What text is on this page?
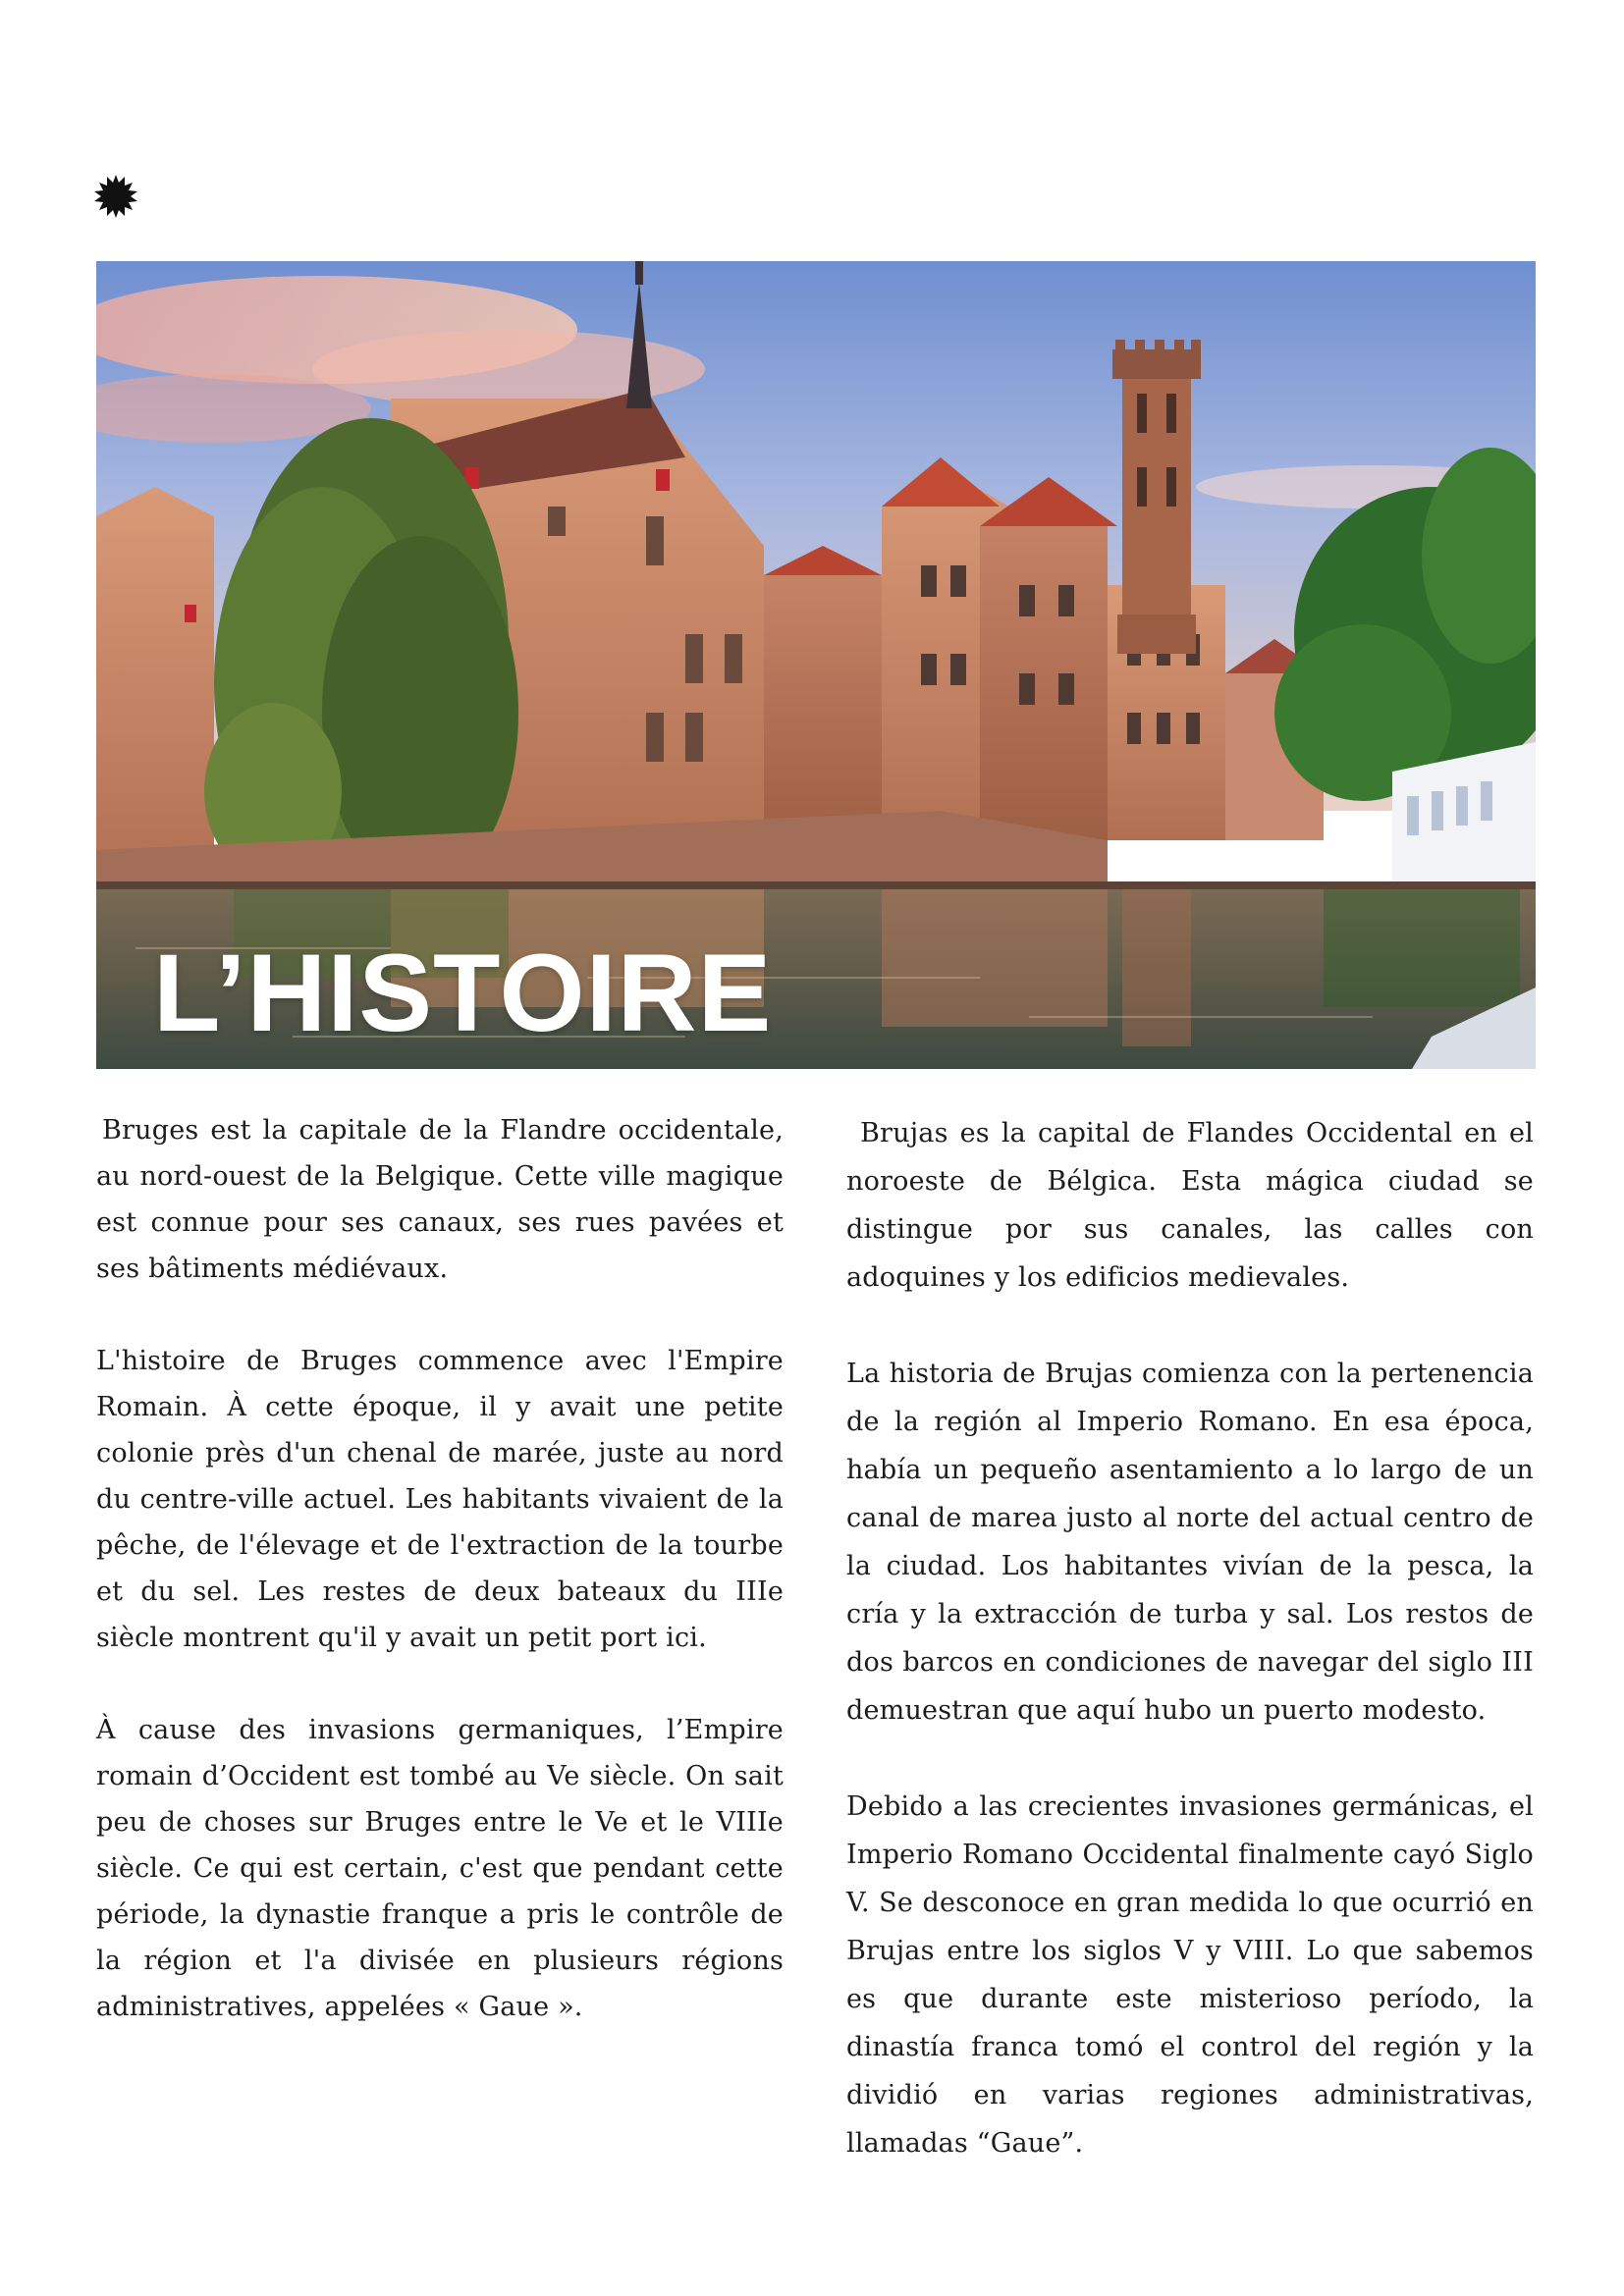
L’HISTOIRE

Bruges est la capitale de la Flandre occidentale, au nord-ouest de la Belgique. Cette ville magique est connue pour ses canaux, ses rues pavées et ses bâtiments médiévaux.

L'histoire de Bruges commence avec l'Empire Romain. À cette époque, il y avait une petite colonie près d'un chenal de marée, juste au nord du centre-ville actuel. Les habitants vivaient de la pêche, de l'élevage et de l'extraction de la tourbe et du sel. Les restes de deux bateaux du IIIe siècle montrent qu'il y avait un petit port ici.

À cause des invasions germaniques, l’Empire romain d’Occident est tombé au Ve siècle. On sait peu de choses sur Bruges entre le Ve et le VIIIe siècle. Ce qui est certain, c'est que pendant cette période, la dynastie franque a pris le contrôle de la région et l'a divisée en plusieurs régions administratives, appelées « Gaue ».

Brujas es la capital de Flandes Occidental en el noroeste de Bélgica. Esta mágica ciudad se distingue por sus canales, las calles con adoquines y los edificios medievales.

La historia de Brujas comienza con la pertenencia de la región al Imperio Romano. En esa época, había un pequeño asentamiento a lo largo de un canal de marea justo al norte del actual centro de la ciudad. Los habitantes vivían de la pesca, la cría y la extracción de turba y sal. Los restos de dos barcos en condiciones de navegar del siglo III demuestran que aquí hubo un puerto modesto.

Debido a las crecientes invasiones germánicas, el Imperio Romano Occidental finalmente cayó Siglo V. Se desconoce en gran medida lo que ocurrió en Brujas entre los siglos V y VIII. Lo que sabemos es que durante este misterioso período, la dinastía franca tomó el control del región y la dividió en varias regiones administrativas, llamadas “Gaue”.
